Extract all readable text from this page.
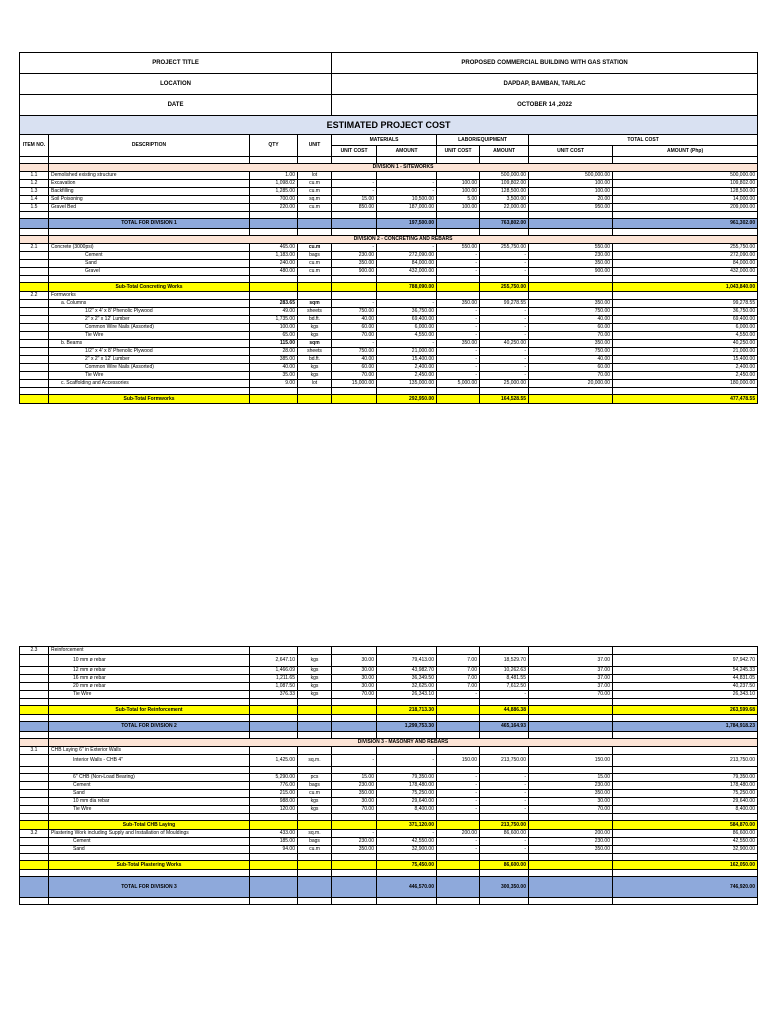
PROJECT TITLE				PROPOSED COMMERCIAL BUILDING WITH GAS STATION					
LOCATION				DAPDAP, BAMBAN, TARLAC					
DATE				OCTOBER 14 ,2022					
ESTIMATED PROJECT COST									
ITEM NO.	DESCRIPTION	QTY	UNIT	MATERIALS		LABOR/EQUIPMENT		TOTAL COST	
				UNIT COST	AMOUNT	UNIT COST	AMOUNT	UNIT COST	AMOUNT (Php)

	DIVISION 1 - SITEWORKS								
1.1	Demolished existing structure	1.00	lot				500,000.00	500,000.00	500,000.00
1.2	Excavation	1,098.02	cu.m	-	-	100.00	109,802.00	100.00	109,802.00
1.3	Backfilling	1,285.00	cu.m	-	-	100.00	128,500.00	100.00	128,500.00
1.4	Soil Poisoning	700.00	sq.m	15.00	10,500.00	5.00	3,500.00	20.00	14,000.00
1.5	Gravel Bed	220.00	cu.m	850.00	187,000.00	100.00	22,000.00	950.00	209,000.00

	TOTAL FOR DIVISION 1				197,500.00		763,802.00		961,302.00

	DIVISION 2 - CONCRETING AND REBARS								
2.1	Concrete (3000psi)	465.00	cu.m	-	-	550.00	255,750.00	550.00	255,750.00
	Cement	1,183.00	bags	230.00	272,090.00	-	-	230.00	272,090.00
	Sand	240.00	cu.m	350.00	84,000.00	-	-	350.00	84,000.00
	Gravel	480.00	cu.m	900.00	432,000.00	-	-	900.00	432,000.00

	Sub-Total Concreting Works				788,090.00		255,750.00		1,043,840.00
2.2	Formworks								
	a. Columns	283.65	sqm	-	-	350.00	99,278.55	350.00	99,278.55
	1/2" x 4' x 8' Phenolic Plywood	49.00	sheets	750.00	36,750.00	-	-	750.00	36,750.00
	2" x 2" x 12' Lumber	1,735.00	bd.ft.	40.00	69,400.00	-	-	40.00	69,400.00
	Common Wire Nails (Assorted)	100.00	kgs	60.00	6,000.00	-	-	60.00	6,000.00
	Tie Wire	65.00	kgs	70.00	4,550.00	-	-	70.00	4,550.00
	b. Beams	115.00	sqm	-	-	350.00	40,250.00	350.00	40,250.00
	1/2" x 4' x 8' Phenolic Plywood	28.00	sheets	750.00	21,000.00	-	-	750.00	21,000.00
	2" x 2" x 12' Lumber	385.00	bd.ft.	40.00	15,400.00	-	-	40.00	15,400.00
	Common Wire Nails (Assorted)	40.00	kgs	60.00	2,400.00	-	-	60.00	2,400.00
	Tie Wire	35.00	kgs	70.00	2,450.00	-	-	70.00	2,450.00
	c. Scaffolding and Accessories	9.00	lot	15,000.00	135,000.00	5,000.00	25,000.00	20,000.00	180,000.00

	Sub-Total Formworks				292,950.00		164,528.55		477,478.55
2.3	Reinforcement								
	10 mm ø rebar	2,647.10	kgs	30.00	79,413.00	7.00	18,529.70	37.00	97,942.70
	12 mm ø rebar	1,466.09	kgs	30.00	43,982.70	7.00	10,262.63	37.00	54,245.33
	16 mm ø rebar	1,211.65	kgs	30.00	36,349.50	7.00	8,481.55	37.00	44,831.05
	20 mm ø rebar	1,087.50	kgs	30.00	32,625.00	7.00	7,612.50	37.00	40,237.50
	Tie Wire	376.33	kgs	70.00	26,343.10	-	-	70.00	26,343.10

	Sub-Total for Reinforcement				218,713.30		44,886.38		263,599.68

	TOTAL FOR DIVISION 2				1,299,753.30		465,164.93		1,784,918.23

	DIVISION 3 - MASONRY AND REBARS								
3.1	CHB Laying 6" in Exterior Walls								
	Interior Walls - CHB 4"	1,425.00	sq.m.	-	-	150.00	213,750.00	150.00	213,750.00

	6" CHB (Non-Load Bearing)	5,290.00	pcs	15.00	79,350.00	-	-	15.00	79,350.00
	Cement	776.00	bags	230.00	178,480.00	-	-	230.00	178,480.00
	Sand	215.00	cu.m	350.00	75,250.00	-	-	350.00	75,250.00
	10 mm dia rebar	988.00	kgs	30.00	29,640.00	-	-	30.00	29,640.00
	Tie Wire	120.00	kgs	70.00	8,400.00	-	-	70.00	8,400.00

	Sub-Total CHB Laying				371,120.00		213,750.00		584,870.00
3.2	Plastering Work including Supply and Installation of Mouldings	433.00	sq.m.	-	-	200.00	86,600.00	200.00	86,600.00
	Cement	185.00	bags	230.00	42,550.00	-	-	230.00	42,550.00
	Sand	94.00	cu.m	350.00	32,900.00	-	-	350.00	32,900.00

	Sub-Total Plastering Works				75,450.00		86,600.00		162,050.00

	TOTAL FOR DIVISION 3				446,570.00		300,350.00		746,920.00
